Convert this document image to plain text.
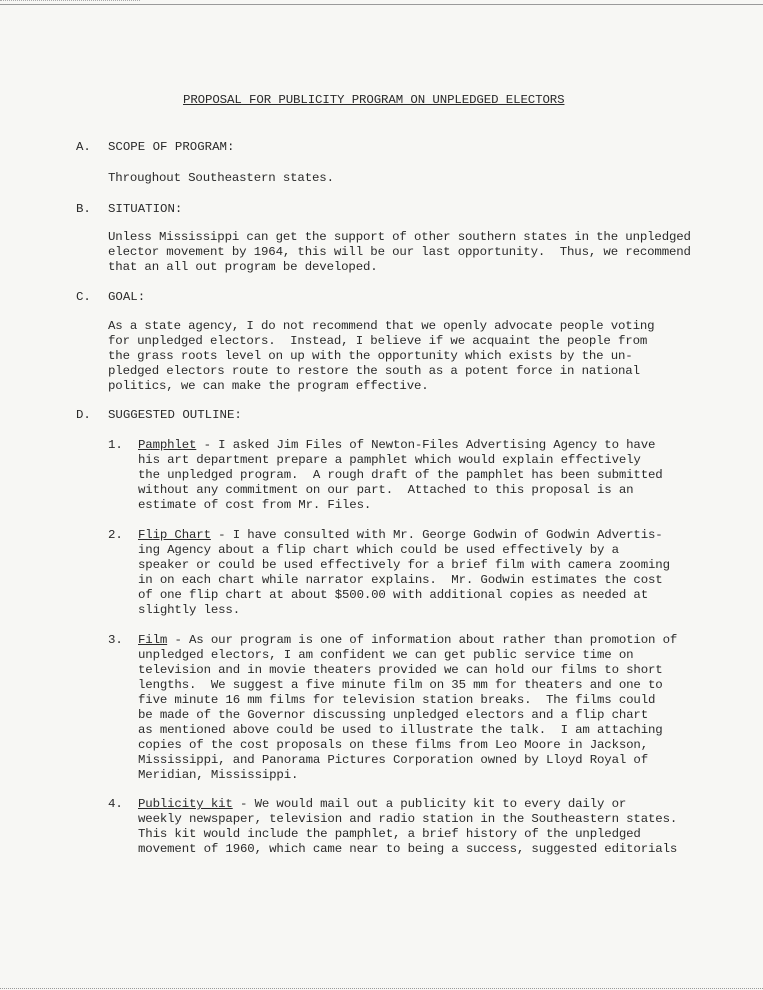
PROPOSAL FOR PUBLICITY PROGRAM ON UNPLEDGED ELECTORS
A. SCOPE OF PROGRAM:
Throughout Southeastern states.
B. SITUATION:
Unless Mississippi can get the support of other southern states in the unpledged
elector movement by 1964, this will be our last opportunity.  Thus, we recommend
that an all out program be developed.
C. GOAL:
As a state agency, I do not recommend that we openly advocate people voting
for unpledged electors.  Instead, I believe if we acquaint the people from
the grass roots level on up with the opportunity which exists by the un-
pledged electors route to restore the south as a potent force in national
politics, we can make the program effective.
D. SUGGESTED OUTLINE:
1. Pamphlet - I asked Jim Files of Newton-Files Advertising Agency to have
his art department prepare a pamphlet which would explain effectively
the unpledged program.  A rough draft of the pamphlet has been submitted
without any commitment on our part.  Attached to this proposal is an
estimate of cost from Mr. Files.
2. Flip Chart - I have consulted with Mr. George Godwin of Godwin Advertis-
ing Agency about a flip chart which could be used effectively by a
speaker or could be used effectively for a brief film with camera zooming
in on each chart while narrator explains.  Mr. Godwin estimates the cost
of one flip chart at about $500.00 with additional copies as needed at
slightly less.
3. Film - As our program is one of information about rather than promotion of
unpledged electors, I am confident we can get public service time on
television and in movie theaters provided we can hold our films to short
lengths.  We suggest a five minute film on 35 mm for theaters and one to
five minute 16 mm films for television station breaks.  The films could
be made of the Governor discussing unpledged electors and a flip chart
as mentioned above could be used to illustrate the talk.  I am attaching
copies of the cost proposals on these films from Leo Moore in Jackson,
Mississippi, and Panorama Pictures Corporation owned by Lloyd Royal of
Meridian, Mississippi.
4. Publicity kit - We would mail out a publicity kit to every daily or
weekly newspaper, television and radio station in the Southeastern states.
This kit would include the pamphlet, a brief history of the unpledged
movement of 1960, which came near to being a success, suggested editorials
